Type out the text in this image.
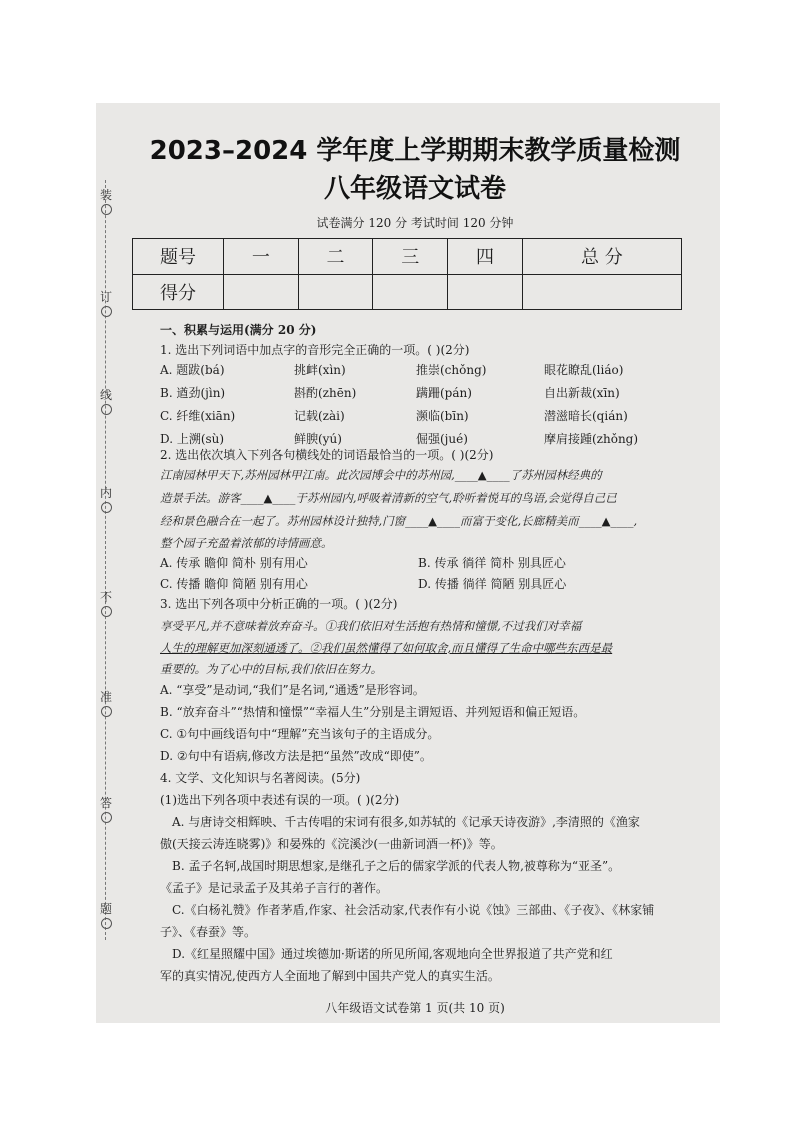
装
订
线
内
不
准
答
题
2023–2024 学年度上学期期末教学质量检测
八年级语文试卷
试卷满分 120 分 考试时间 120 分钟
题号	一	二	三	四	总 分
得分					
一、积累与运用(满分 20 分)
1. 选出下列词语中加点字的音形完全正确的一项。( )(2分)
A. 题跋(bá)	挑衅(xìn)	推崇(chǒng)	眼花瞭乱(liáo)
B. 遒劲(jìn)	斟酌(zhēn)	蹒跚(pán)	自出新裁(xīn)
C. 纤维(xiān)	记载(zài)	濒临(bīn)	潜滋暗长(qián)
D. 上溯(sù)	鲜腴(yú)	倔强(jué)	摩肩接踵(zhǒng)
2. 选出依次填入下列各句横线处的词语最恰当的一项。( )(2分)
江南园林甲天下,苏州园林甲江南。此次园博会中的苏州园,____▲____了苏州园林经典的
造景手法。游客____▲____于苏州园内,呼吸着清新的空气,聆听着悦耳的鸟语,会觉得自己已
经和景色融合在一起了。苏州园林设计独特,门窗____▲____而富于变化,长廊精美而____▲____,
整个园子充盈着浓郁的诗情画意。
A. 传承 瞻仰 简朴 别有用心	B. 传承 徜徉 简朴 别具匠心
C. 传播 瞻仰 简陋 别有用心	D. 传播 徜徉 简陋 别具匠心
3. 选出下列各项中分析正确的一项。( )(2分)
享受平凡,并不意味着放弃奋斗。①我们依旧对生活抱有热情和憧憬,不过我们对幸福
人生的理解更加深刻通透了。②我们虽然懂得了如何取舍,而且懂得了生命中哪些东西是最
重要的。为了心中的目标,我们依旧在努力。
A. “享受”是动词,“我们”是名词,“通透”是形容词。
B. “放弃奋斗”“热情和憧憬”“幸福人生”分别是主谓短语、并列短语和偏正短语。
C. ①句中画线语句中“理解”充当该句子的主语成分。
D. ②句中有语病,修改方法是把“虽然”改成“即使”。
4. 文学、文化知识与名著阅读。(5分)
(1)选出下列各项中表述有误的一项。( )(2分)
A. 与唐诗交相辉映、千古传唱的宋词有很多,如苏轼的《记承天诗夜游》,李清照的《渔家
傲(天接云涛连晓雾)》和晏殊的《浣溪沙(一曲新词酒一杯)》等。
B. 孟子名轲,战国时期思想家,是继孔子之后的儒家学派的代表人物,被尊称为“亚圣”。
《孟子》是记录孟子及其弟子言行的著作。
C.《白杨礼赞》作者茅盾,作家、社会活动家,代表作有小说《蚀》三部曲、《子夜》、《林家铺
子》、《春蚕》等。
D.《红星照耀中国》通过埃德加·斯诺的所见所闻,客观地向全世界报道了共产党和红
军的真实情况,使西方人全面地了解到中国共产党人的真实生活。
八年级语文试卷第 1 页(共 10 页)
